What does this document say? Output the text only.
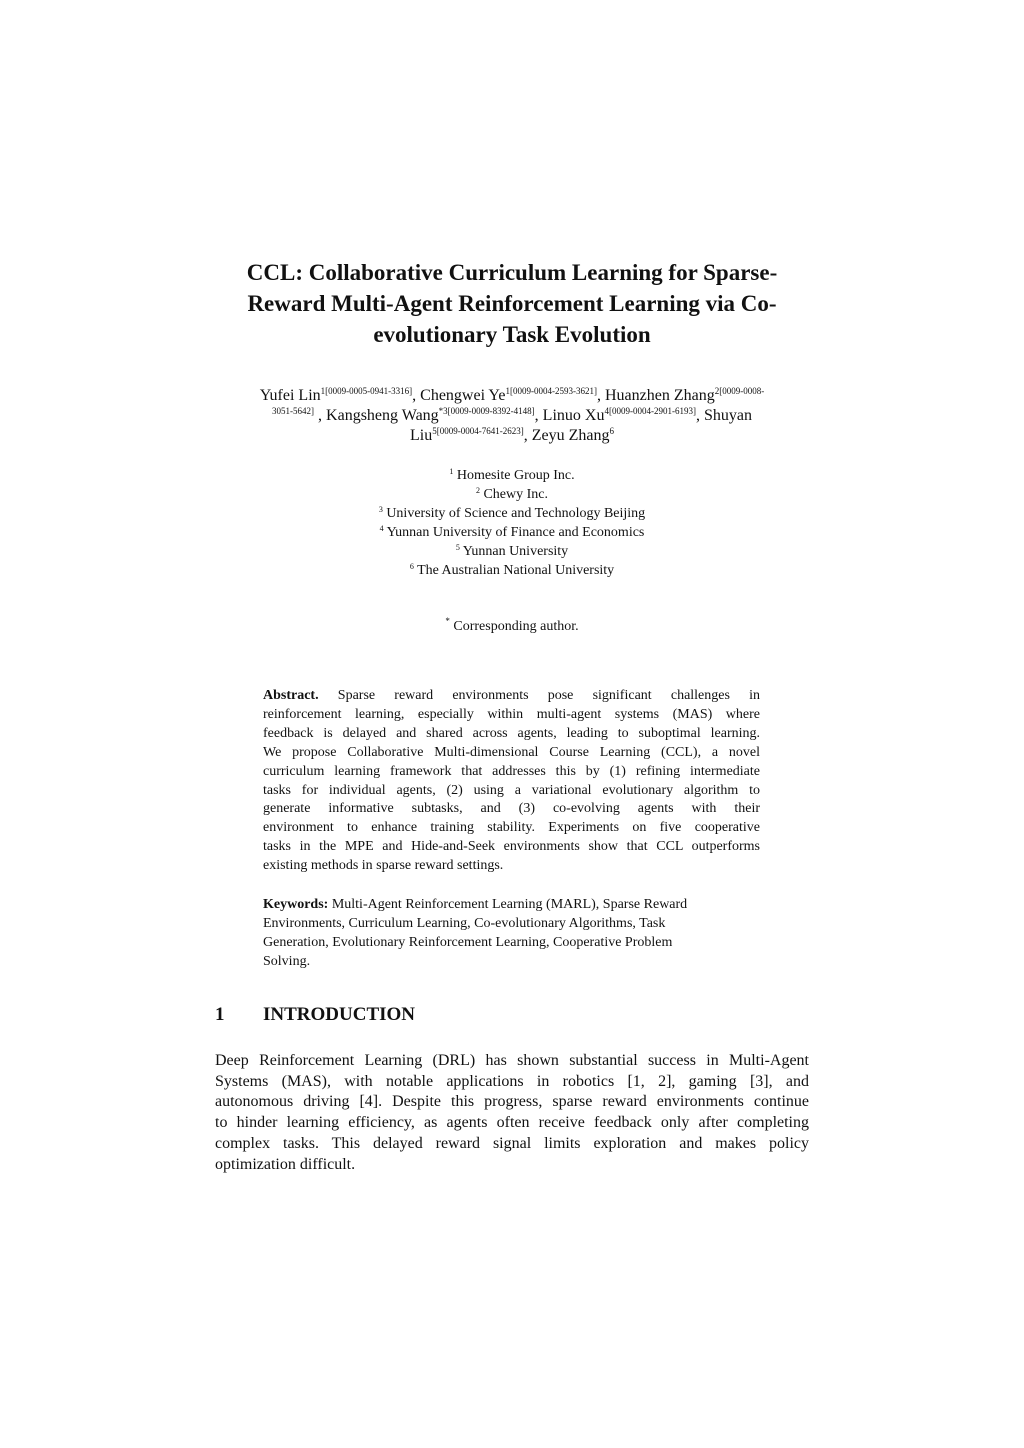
CCL: Collaborative Curriculum Learning for Sparse-
Reward Multi-Agent Reinforcement Learning via Co-
evolutionary Task Evolution
Yufei Lin$^{1[0009-0005-0941-3316]}$, Chengwei $Ye^{1[0009-0004-2593-3621]}$, Huanzhen Zhang$^{2[0009-0008-}$
$^{3051-5642]}$ , Kangsheng Wang$^{*3[0009-0009-8392-4148]}$, Linuo $Xu^{4[0009-0004-2901-6193]}$, Shuyan
Liu$^{5[0009-0004-7641-2623]}$, Zeyu Zhang$^6$
$^1$ Homesite Group Inc.
$^2$ Chewy Inc.
$^3$ University of Science and Technology Beijing
$^4$ Yunnan University of Finance and Economics
$^5$ Yunnan University
$^6$ The Australian National University
* Corresponding author.
Abstract. Sparse reward environments pose significant challenges in
reinforcement learning, especially within multi-agent systems (MAS) where
feedback is delayed and shared across agents, leading to suboptimal learning.
We propose Collaborative Multi-dimensional Course Learning (CCL), a novel
curriculum learning framework that addresses this by (1) refining intermediate
tasks for individual agents, (2) using a variational evolutionary algorithm to
generate informative subtasks, and (3) co-evolving agents with their
environment to enhance training stability. Experiments on five cooperative
tasks in the MPE and Hide-and-Seek environments show that CCL outperforms
existing methods in sparse reward settings.
Keywords: Multi-Agent Reinforcement Learning (MARL), Sparse Reward
Environments, Curriculum Learning, Co-evolutionary Algorithms, Task
Generation, Evolutionary Reinforcement Learning, Cooperative Problem
Solving.
1 INTRODUCTION
Deep Reinforcement Learning (DRL) has shown substantial success in Multi-Agent
Systems (MAS), with notable applications in robotics [1, 2], gaming [3], and
autonomous driving [4]. Despite this progress, sparse reward environments continue
to hinder learning efficiency, as agents often receive feedback only after completing
complex tasks. This delayed reward signal limits exploration and makes policy
optimization difficult.
